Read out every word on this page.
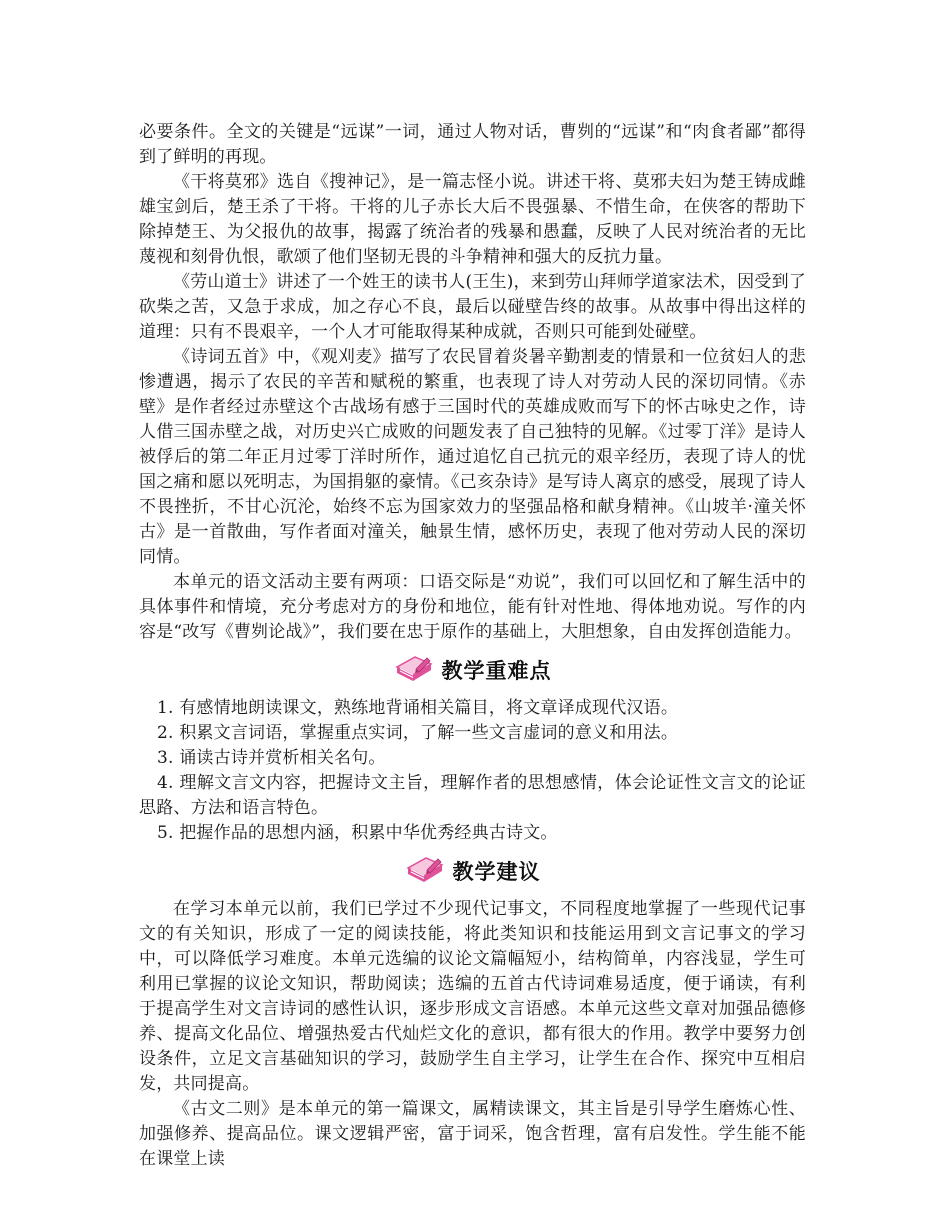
必要条件。全文的关键是“远谋”一词，通过人物对话，曹刿的“远谋”和“肉食者鄙”都得到了鲜明的再现。

《干将莫邪》选自《搜神记》，是一篇志怪小说。讲述干将、莫邪夫妇为楚王铸成雌雄宝剑后，楚王杀了干将。干将的儿子赤长大后不畏强暴、不惜生命，在侠客的帮助下除掉楚王、为父报仇的故事，揭露了统治者的残暴和愚蠢，反映了人民对统治者的无比蔑视和刻骨仇恨，歌颂了他们坚韧无畏的斗争精神和强大的反抗力量。

《劳山道士》讲述了一个姓王的读书人(王生)，来到劳山拜师学道家法术，因受到了砍柴之苦，又急于求成，加之存心不良，最后以碰壁告终的故事。从故事中得出这样的道理：只有不畏艰辛，一个人才可能取得某种成就，否则只可能到处碰壁。

《诗词五首》中，《观刈麦》描写了农民冒着炎暑辛勤割麦的情景和一位贫妇人的悲惨遭遇，揭示了农民的辛苦和赋税的繁重，也表现了诗人对劳动人民的深切同情。《赤壁》是作者经过赤壁这个古战场有感于三国时代的英雄成败而写下的怀古咏史之作，诗人借三国赤壁之战，对历史兴亡成败的问题发表了自己独特的见解。《过零丁洋》是诗人被俘后的第二年正月过零丁洋时所作，通过追忆自己抗元的艰辛经历，表现了诗人的忧国之痛和愿以死明志，为国捐躯的豪情。《己亥杂诗》是写诗人离京的感受，展现了诗人不畏挫折，不甘心沉沦，始终不忘为国家效力的坚强品格和献身精神。《山坡羊·潼关怀古》是一首散曲，写作者面对潼关，触景生情，感怀历史，表现了他对劳动人民的深切同情。

本单元的语文活动主要有两项：口语交际是“劝说”，我们可以回忆和了解生活中的具体事件和情境，充分考虑对方的身份和地位，能有针对性地、得体地劝说。写作的内容是“改写《曹刿论战》”，我们要在忠于原作的基础上，大胆想象，自由发挥创造能力。

教学重难点

1. 有感情地朗读课文，熟练地背诵相关篇目，将文章译成现代汉语。

2. 积累文言词语，掌握重点实词，了解一些文言虚词的意义和用法。

3. 诵读古诗并赏析相关名句。

4. 理解文言文内容，把握诗文主旨，理解作者的思想感情，体会论证性文言文的论证思路、方法和语言特色。

5. 把握作品的思想内涵，积累中华优秀经典古诗文。

教学建议

在学习本单元以前，我们已学过不少现代记事文，不同程度地掌握了一些现代记事文的有关知识，形成了一定的阅读技能，将此类知识和技能运用到文言记事文的学习中，可以降低学习难度。本单元选编的议论文篇幅短小，结构简单，内容浅显，学生可利用已掌握的议论文知识，帮助阅读；选编的五首古代诗词难易适度，便于诵读，有利于提高学生对文言诗词的感性认识，逐步形成文言语感。本单元这些文章对加强品德修养、提高文化品位、增强热爱古代灿烂文化的意识，都有很大的作用。教学中要努力创设条件，立足文言基础知识的学习，鼓励学生自主学习，让学生在合作、探究中互相启发，共同提高。

《古文二则》是本单元的第一篇课文，属精读课文，其主旨是引导学生磨炼心性、加强修养、提高品位。课文逻辑严密，富于词采，饱含哲理，富有启发性。学生能不能在课堂上读
